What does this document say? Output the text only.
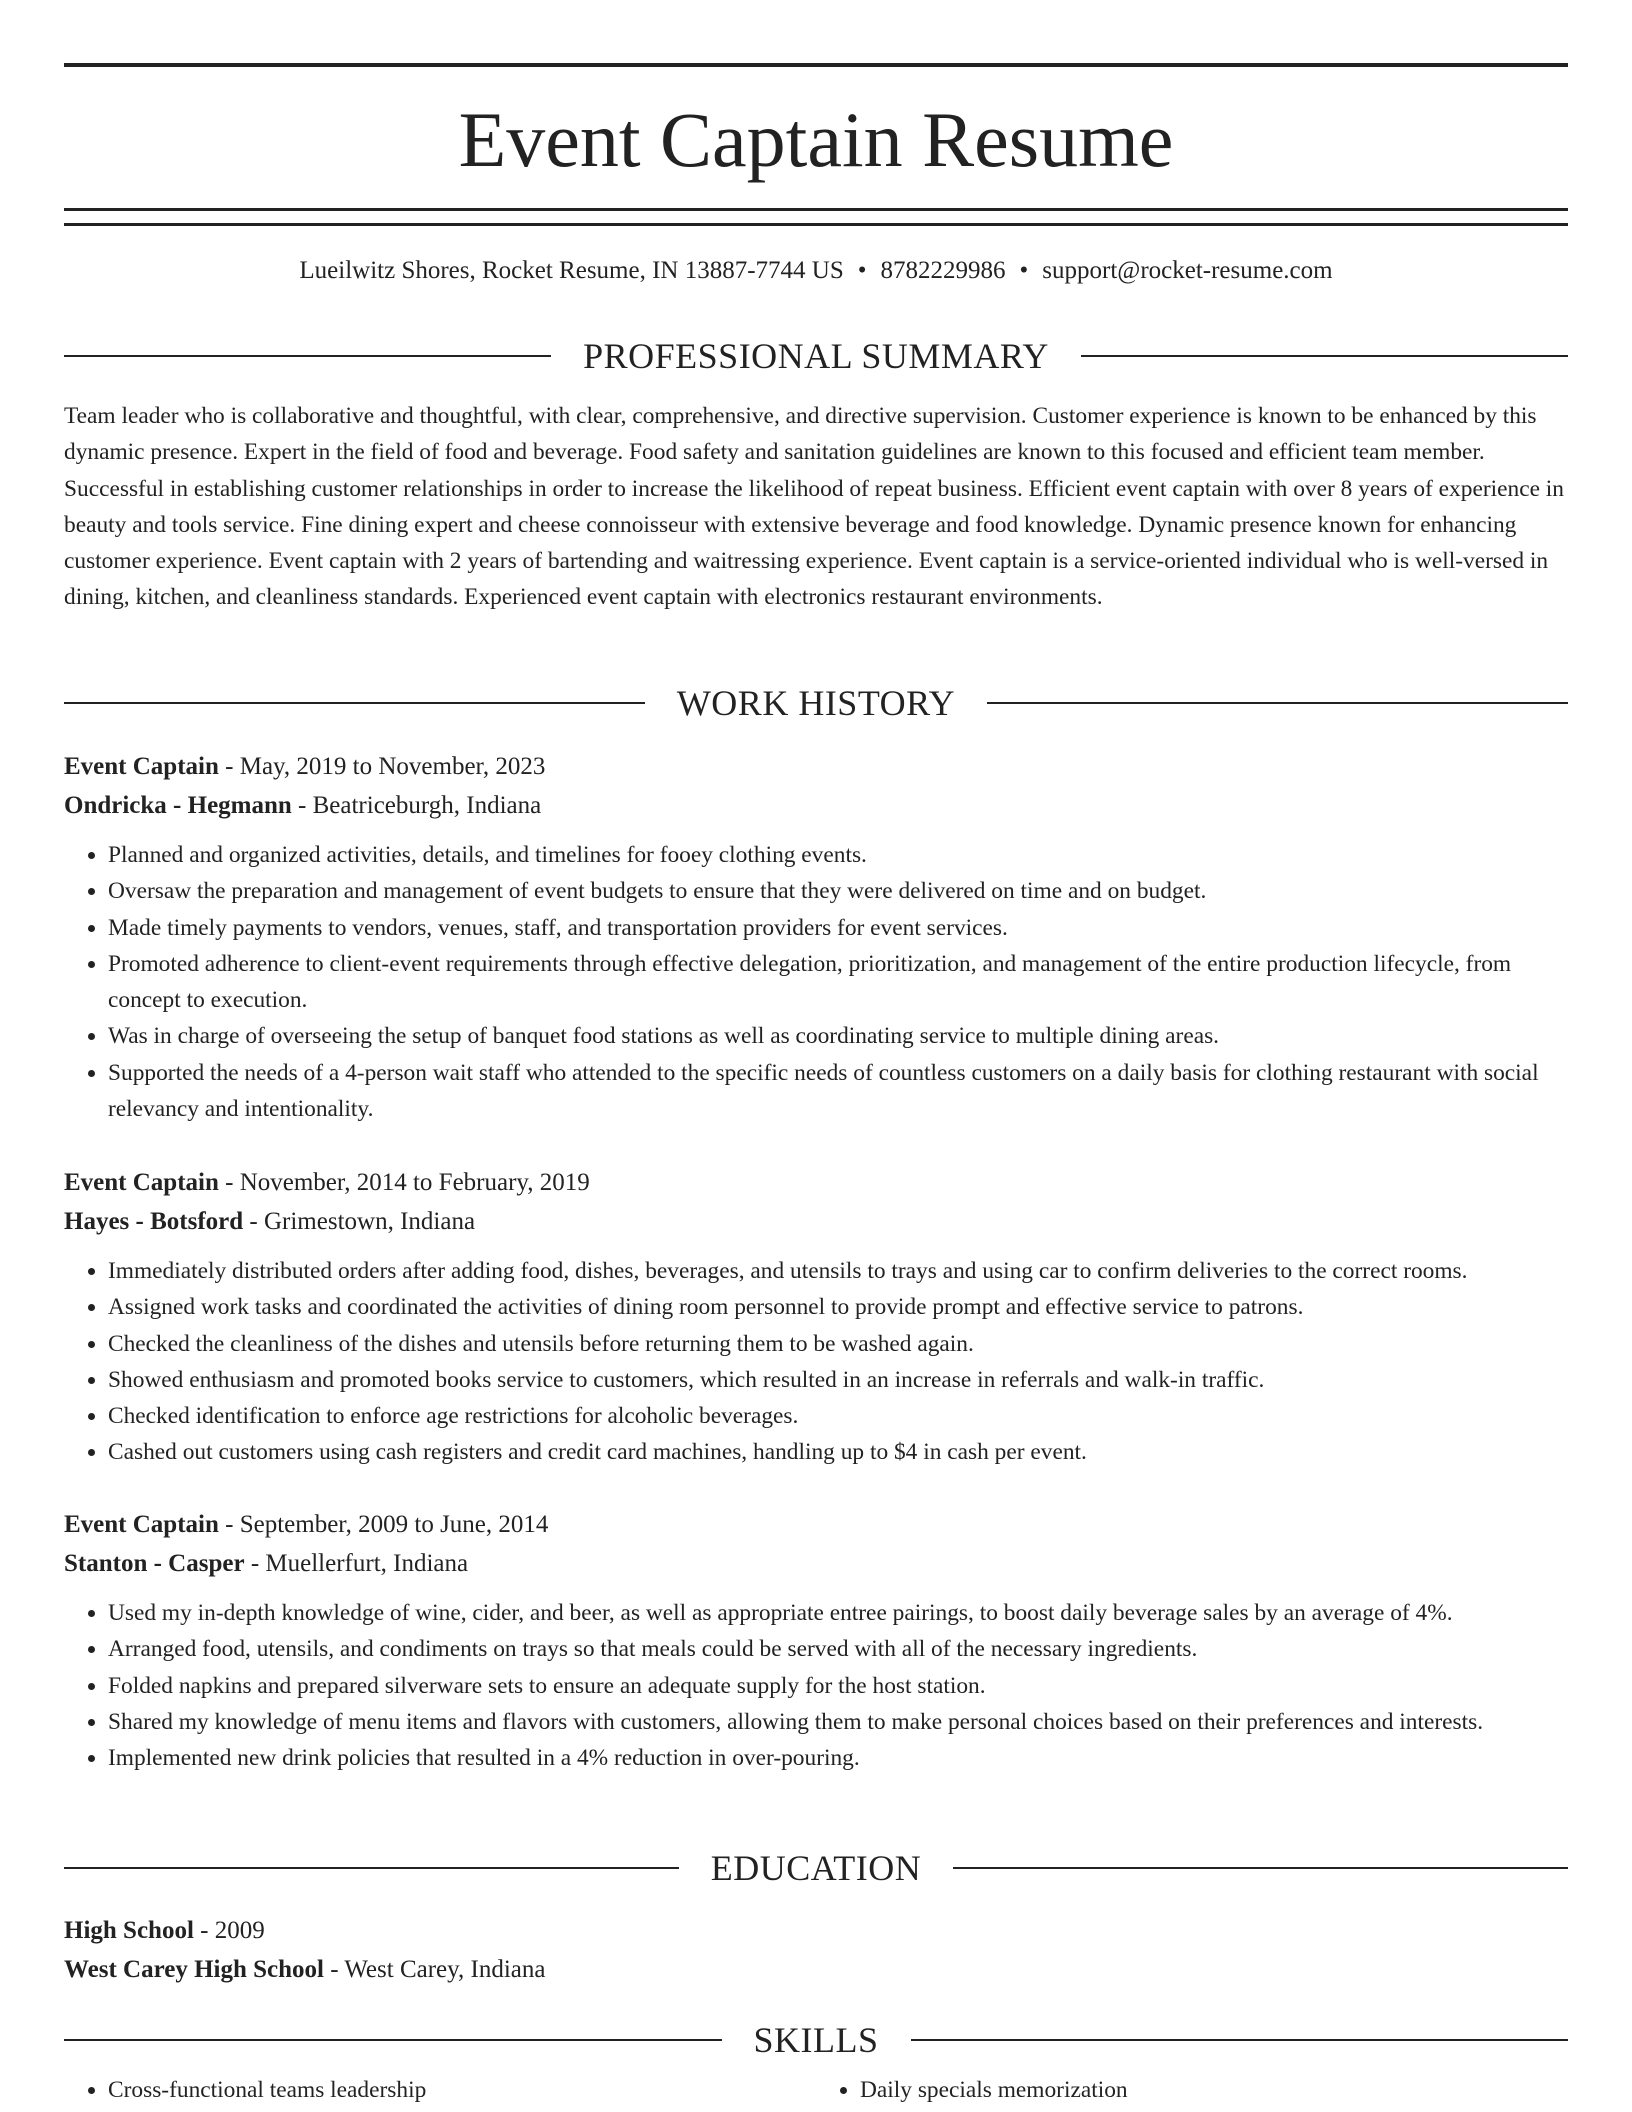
Event Captain Resume
Lueilwitz Shores, Rocket Resume, IN 13887-7744 US • 8782229986 • support@rocket-resume.com
PROFESSIONAL SUMMARY

Team leader who is collaborative and thoughtful, with clear, comprehensive, and directive supervision. Customer experience is known to be enhanced by this dynamic presence. Expert in the field of food and beverage. Food safety and sanitation guidelines are known to this focused and efficient team member. Successful in establishing customer relationships in order to increase the likelihood of repeat business. Efficient event captain with over 8 years of experience in beauty and tools service. Fine dining expert and cheese connoisseur with extensive beverage and food knowledge. Dynamic presence known for enhancing customer experience. Event captain with 2 years of bartending and waitressing experience. Event captain is a service-oriented individual who is well-versed in dining, kitchen, and cleanliness standards. Experienced event captain with electronics restaurant environments.

WORK HISTORY
Event Captain - May, 2019 to November, 2023
Ondricka - Hegmann - Beatriceburgh, Indiana
• Planned and organized activities, details, and timelines for fooey clothing events.
• Oversaw the preparation and management of event budgets to ensure that they were delivered on time and on budget.
• Made timely payments to vendors, venues, staff, and transportation providers for event services.
• Promoted adherence to client-event requirements through effective delegation, prioritization, and management of the entire production lifecycle, from concept to execution.
• Was in charge of overseeing the setup of banquet food stations as well as coordinating service to multiple dining areas.
• Supported the needs of a 4-person wait staff who attended to the specific needs of countless customers on a daily basis for clothing restaurant with social relevancy and intentionality.
Event Captain - November, 2014 to February, 2019
Hayes - Botsford - Grimestown, Indiana
• Immediately distributed orders after adding food, dishes, beverages, and utensils to trays and using car to confirm deliveries to the correct rooms.
• Assigned work tasks and coordinated the activities of dining room personnel to provide prompt and effective service to patrons.
• Checked the cleanliness of the dishes and utensils before returning them to be washed again.
• Showed enthusiasm and promoted books service to customers, which resulted in an increase in referrals and walk-in traffic.
• Checked identification to enforce age restrictions for alcoholic beverages.
• Cashed out customers using cash registers and credit card machines, handling up to $4 in cash per event.
Event Captain - September, 2009 to June, 2014
Stanton - Casper - Muellerfurt, Indiana
• Used my in-depth knowledge of wine, cider, and beer, as well as appropriate entree pairings, to boost daily beverage sales by an average of 4%.
• Arranged food, utensils, and condiments on trays so that meals could be served with all of the necessary ingredients.
• Folded napkins and prepared silverware sets to ensure an adequate supply for the host station.
• Shared my knowledge of menu items and flavors with customers, allowing them to make personal choices based on their preferences and interests.
• Implemented new drink policies that resulted in a 4% reduction in over-pouring.
EDUCATION
High School - 2009
West Carey High School - West Carey, Indiana
SKILLS
• Cross-functional teams leadership
•	Daily specials memorization
